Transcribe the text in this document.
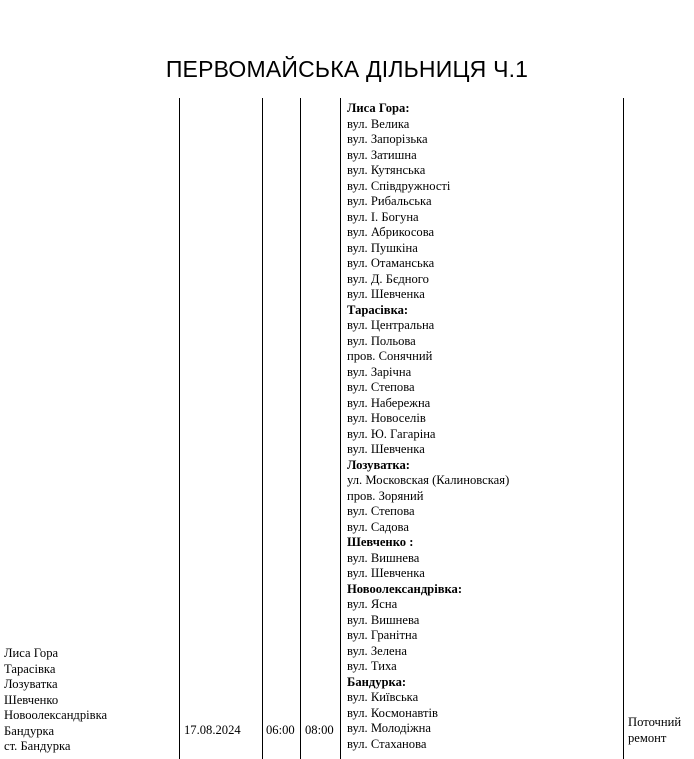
ПЕРВОМАЙСЬКА ДІЛЬНИЦЯ Ч.1
Лиса Гора
Тарасівка
Лозуватка
Шевченко
Новоолександрівка
Бандурка
ст. Бандурка
17.08.2024 06:00 08:00
Лиса Гора:
вул. Велика
вул. Запорізька
вул. Затишна
вул. Кутянська
вул. Співдружності
вул. Рибальська
вул. І. Богуна
вул. Абрикосова
вул. Пушкіна
вул. Отаманська
вул. Д. Бєдного
вул. Шевченка
Тарасівка:
вул. Центральна
вул. Польова
пров. Сонячний
вул. Зарічна
вул. Степова
вул. Набережна
вул. Новоселів
вул. Ю. Гагаріна
вул. Шевченка
Лозуватка:
ул. Московская (Калиновская)
пров. Зоряний
вул. Степова
вул. Садова
Шевченко :
вул. Вишнева
вул. Шевченка
Новоолександрівка:
вул. Ясна
вул. Вишнева
вул. Гранітна
вул. Зелена
вул. Тиха
Бандурка:
вул. Київська
вул. Космонавтів
вул. Молодіжна
вул. Стаханова
Поточний ремонт
